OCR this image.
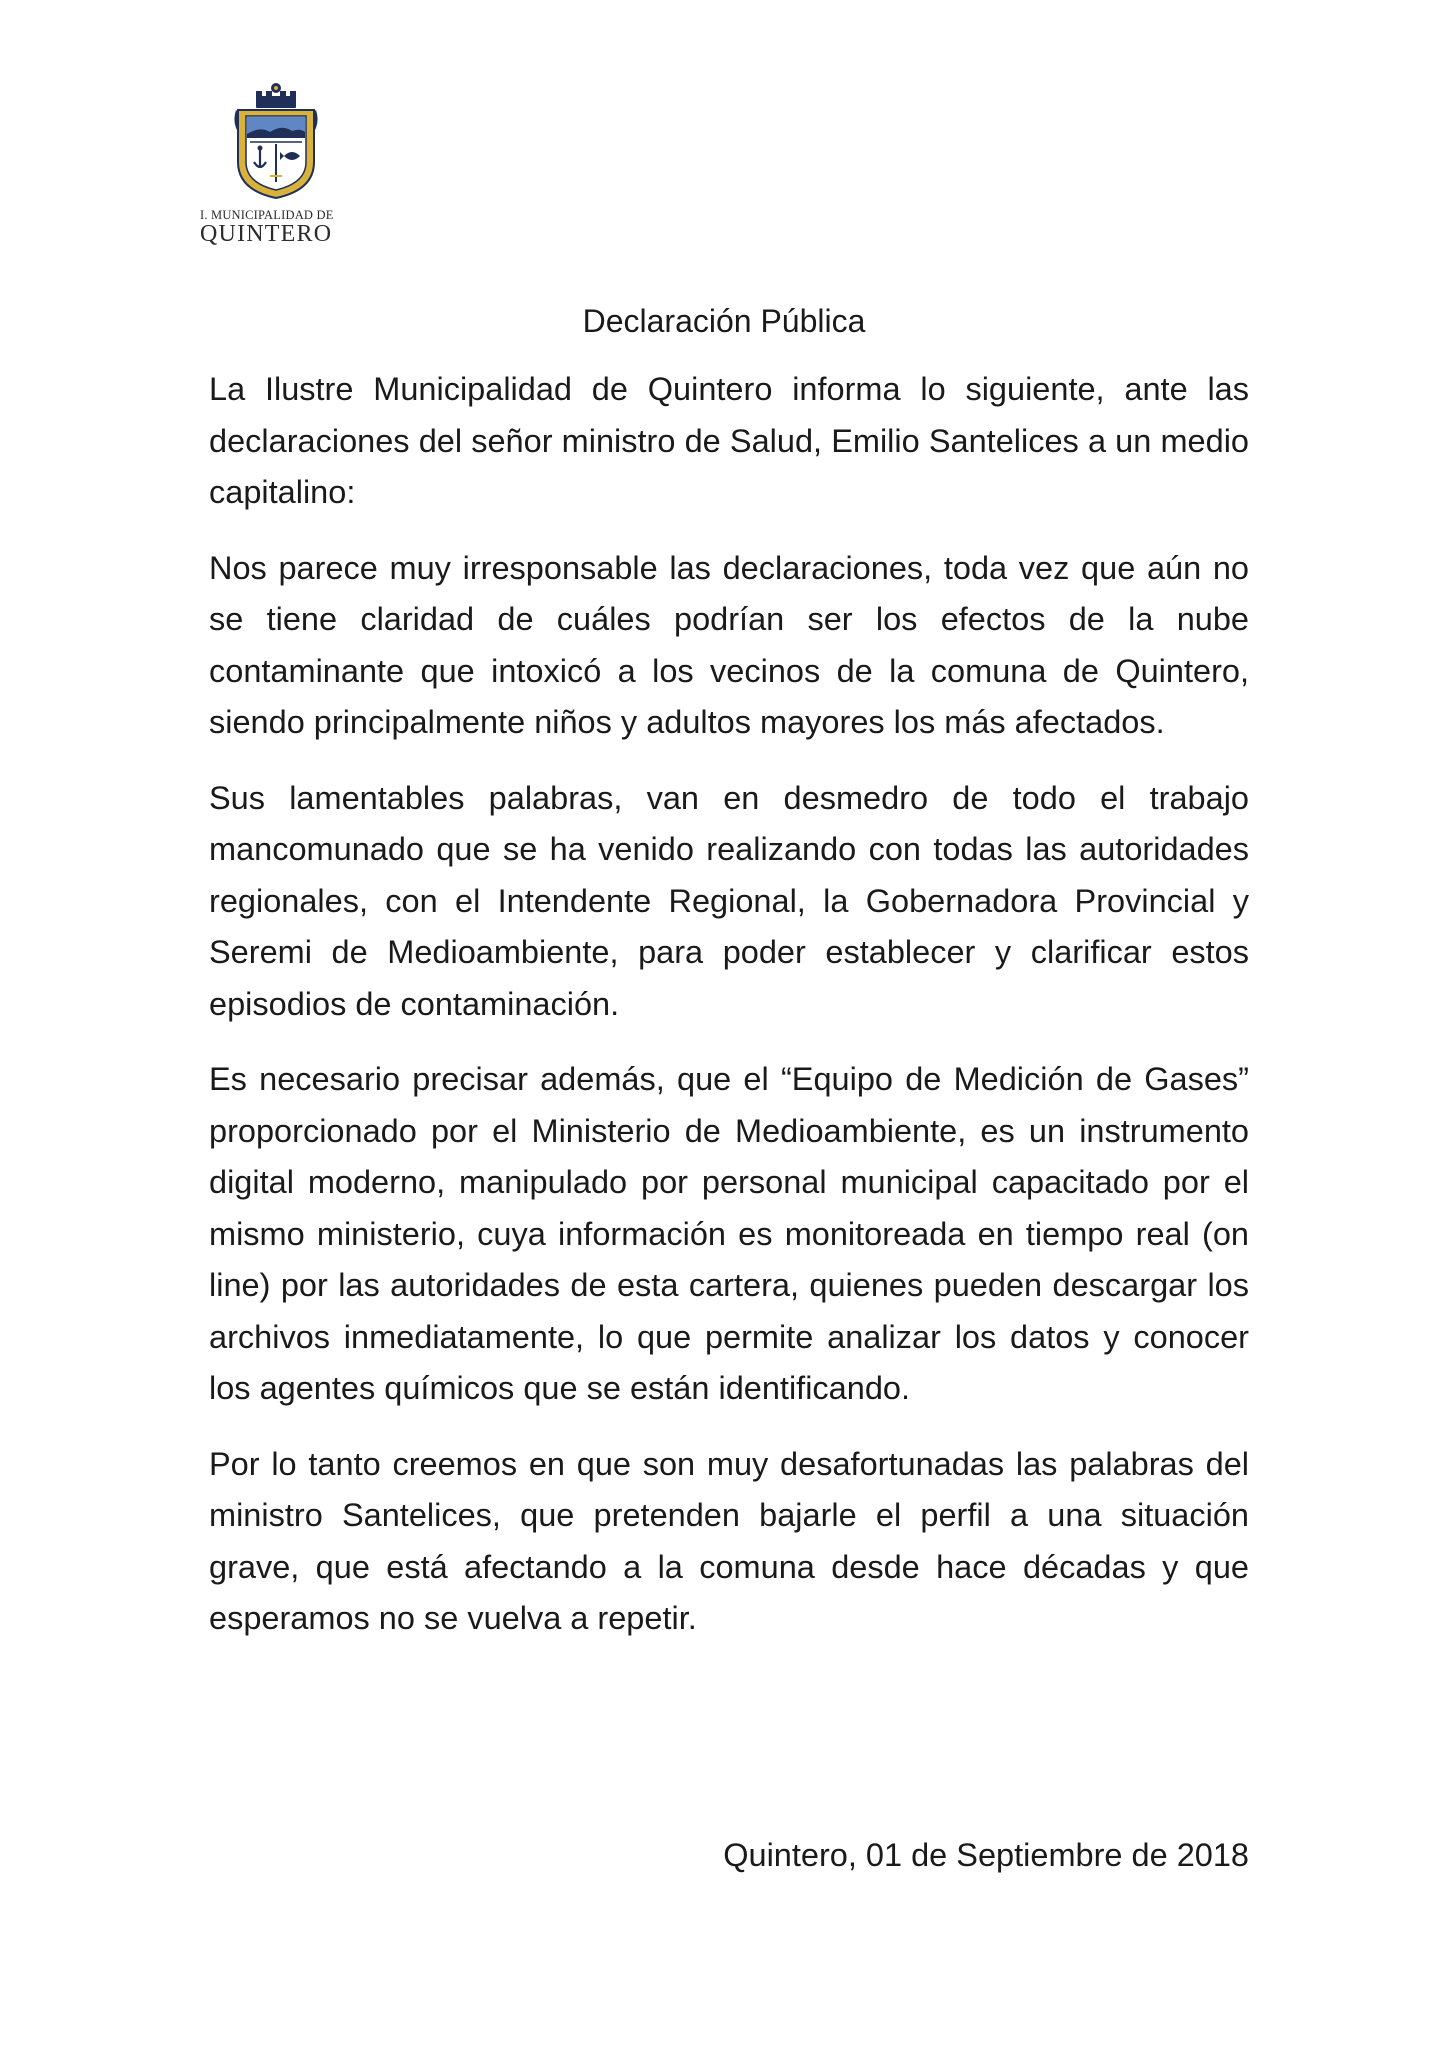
I. MUNICIPALIDAD DE
QUINTERO
Declaración Pública

La Ilustre Municipalidad de Quintero informa lo siguiente, ante las declaraciones del señor ministro de Salud, Emilio Santelices a un medio capitalino:

Nos parece muy irresponsable las declaraciones, toda vez que aún no se tiene claridad de cuáles podrían ser los efectos de la nube contaminante que intoxicó a los vecinos de la comuna de Quintero, siendo principalmente niños y adultos mayores los más afectados.

Sus lamentables palabras, van en desmedro de todo el trabajo mancomunado que se ha venido realizando con todas las autoridades regionales, con el Intendente Regional, la Gobernadora Provincial y Seremi de Medioambiente, para poder establecer y clarificar estos episodios de contaminación.

Es necesario precisar además, que el “Equipo de Medición de Gases” proporcionado por el Ministerio de Medioambiente, es un instrumento digital moderno, manipulado por personal municipal capacitado por el mismo ministerio, cuya información es monitoreada en tiempo real (on line) por las autoridades de esta cartera, quienes pueden descargar los archivos inmediatamente, lo que permite analizar los datos y conocer los agentes químicos que se están identificando.

Por lo tanto creemos en que son muy desafortunadas las palabras del ministro Santelices, que pretenden bajarle el perfil a una situación grave, que está afectando a la comuna desde hace décadas y que esperamos no se vuelva a repetir.

Quintero, 01 de Septiembre de 2018
